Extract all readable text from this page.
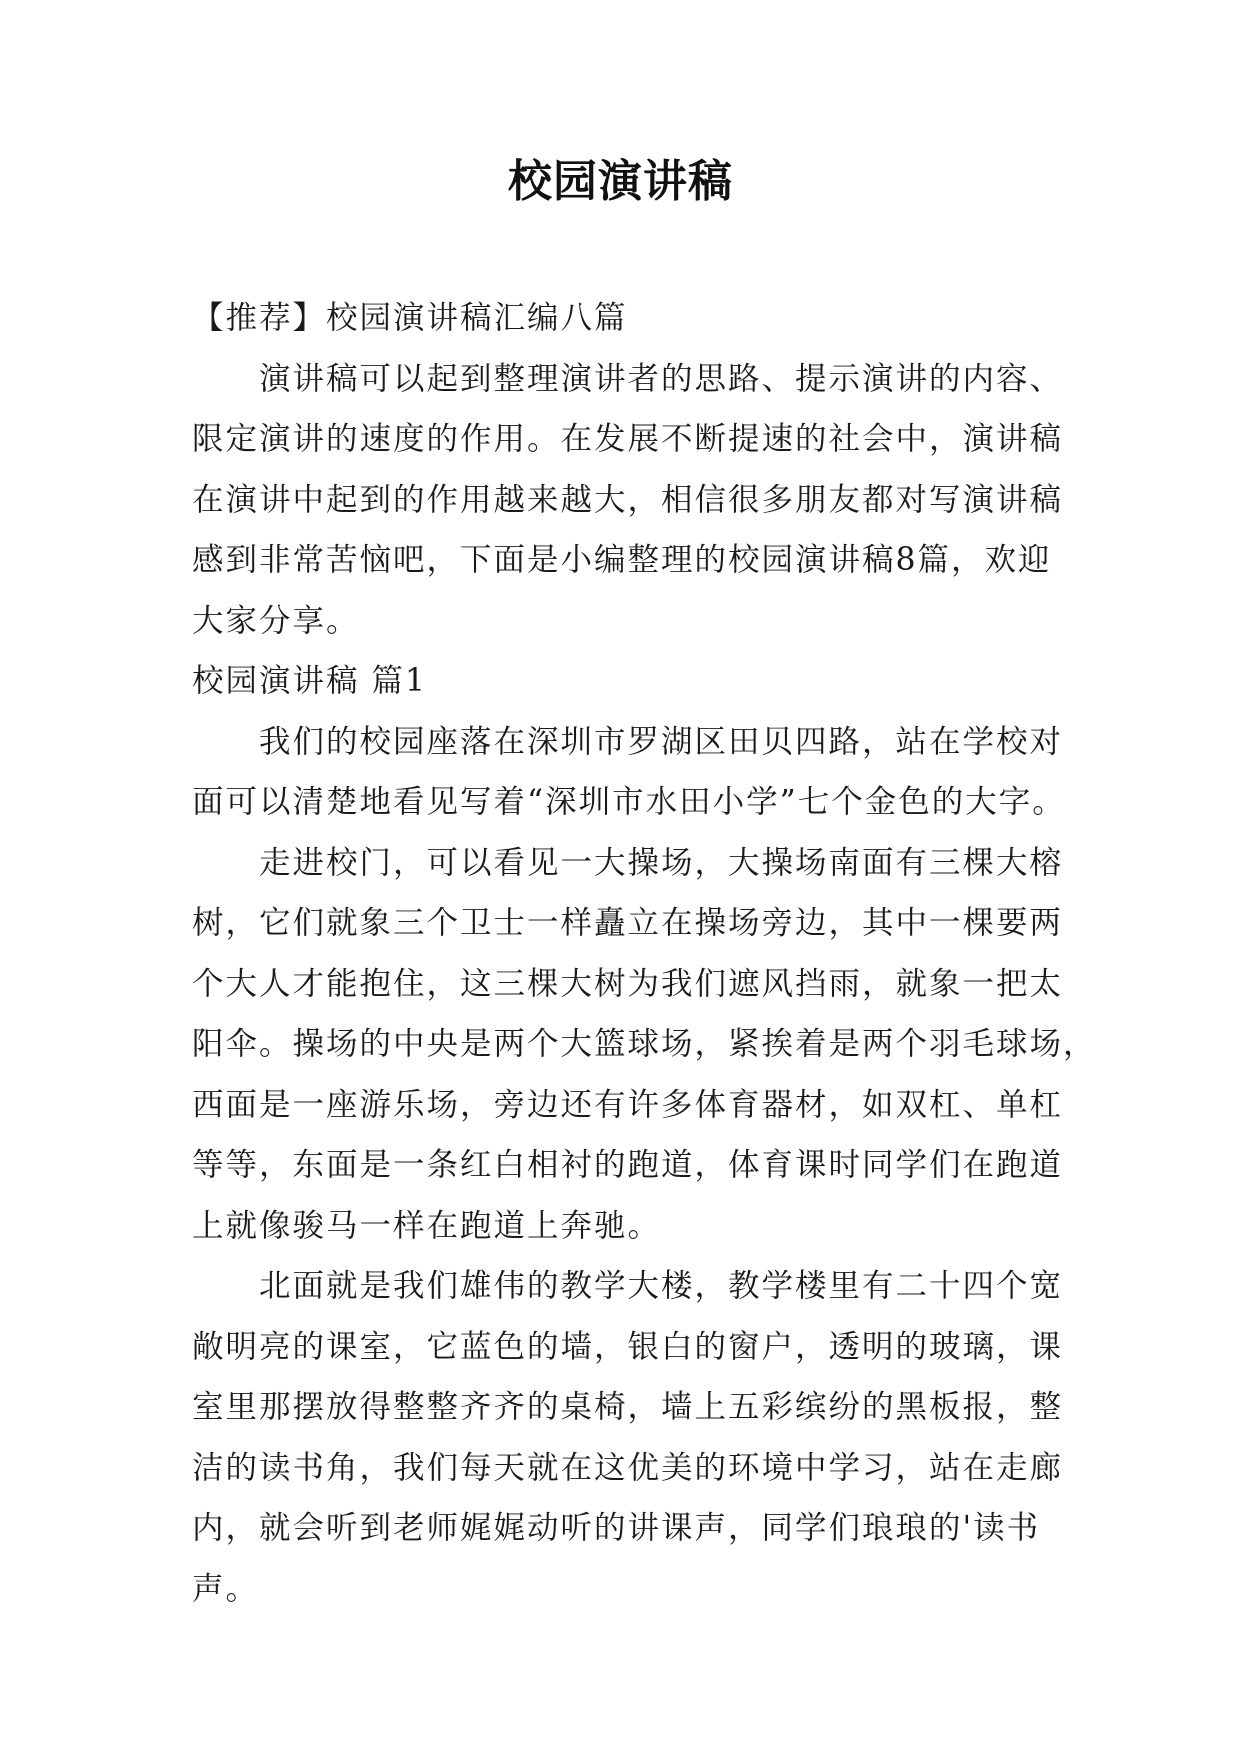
校园演讲稿
【推荐】校园演讲稿汇编八篇
演讲稿可以起到整理演讲者的思路、提示演讲的内容、
限定演讲的速度的作用。在发展不断提速的社会中，演讲稿
在演讲中起到的作用越来越大，相信很多朋友都对写演讲稿
感到非常苦恼吧，下面是小编整理的校园演讲稿8篇，欢迎
大家分享。
校园演讲稿 篇1
我们的校园座落在深圳市罗湖区田贝四路，站在学校对
面可以清楚地看见写着“深圳市水田小学”七个金色的大字。
走进校门，可以看见一大操场，大操场南面有三棵大榕
树，它们就象三个卫士一样矗立在操场旁边，其中一棵要两
个大人才能抱住，这三棵大树为我们遮风挡雨，就象一把太
阳伞。操场的中央是两个大篮球场，紧挨着是两个羽毛球场，
西面是一座游乐场，旁边还有许多体育器材，如双杠、单杠
等等，东面是一条红白相衬的跑道，体育课时同学们在跑道
上就像骏马一样在跑道上奔驰。
北面就是我们雄伟的教学大楼，教学楼里有二十四个宽
敞明亮的课室，它蓝色的墙，银白的窗户，透明的玻璃，课
室里那摆放得整整齐齐的桌椅，墙上五彩缤纷的黑板报，整
洁的读书角，我们每天就在这优美的环境中学习，站在走廊
内，就会听到老师娓娓动听的讲课声，同学们琅琅的'读书
声。
